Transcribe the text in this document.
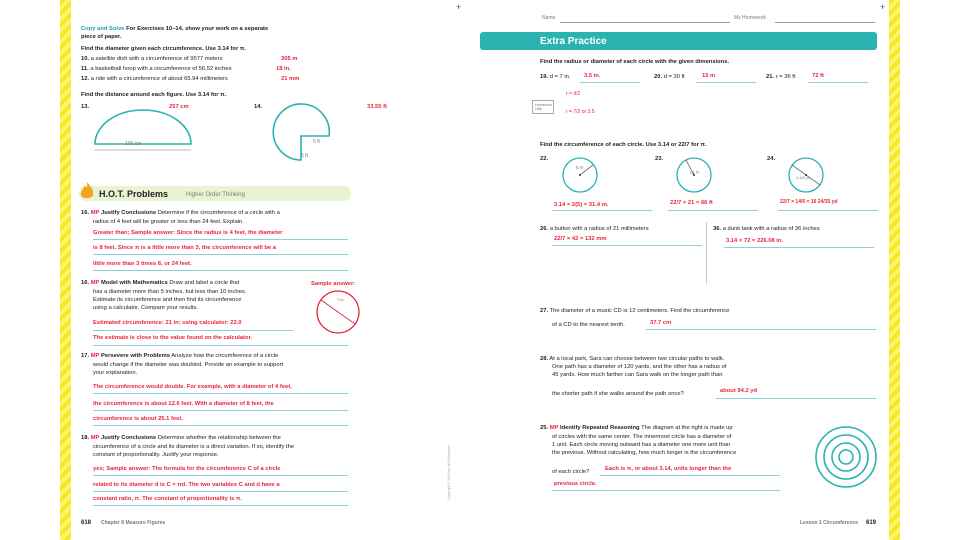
+
Copy and Solve For Exercises 10–14, show your work on a separate
piece of paper.
Find the diameter given each circumference. Use 3.14 for π.
10. a satellite dish with a circumference of 9577 meters	305 m
11. a basketball hoop with a circumference of 56.52 inches	18 in.
12. a ride with a circumference of about 65.94 millimeters	21 mm
Find the distance around each figure. Use 3.14 for π.
13.	257 cm
100 cm
14.	33.55 ft
5 ft
5 ft
H.O.T. Problems	Higher Order Thinking
16. MP Justify Conclusions Determine if the circumference of a circle with a
radius of 4 feet will be greater or less than 24 feet. Explain.
Greater than; Sample answer: Since the radius is 4 feet, the diameter
is 8 feet. Since π is a little more than 3, the circumference will be a
little more than 3 times 8, or 24 feet.
16. MP Model with Mathematics Draw and label a circle that
has a diameter more than 5 inches, but less than 10 inches.
Estimate its circumference and then find its circumference
using a calculator. Compare your results.
Sample answer:
7 in.
Estimated circumference: 21 in; using calculator: 22.0
The estimate is close to the value found on the calculator.
17. MP Persevere with Problems Analyze how the circumference of a circle
would change if the diameter was doubled. Provide an example to support
your explanation.
The circumference would double. For example, with a diameter of 4 feet,
the circumference is about 12.6 feet. With a diameter of 8 feet, the
circumference is about 25.1 feet.
18. MP Justify Conclusions Determine whether the relationship between the
circumference of a circle and its diameter is a direct variation. If so, identify the
constant of proportionality. Justify your response.
yes; Sample answer: The formula for the circumference C of a circle
related to its diameter d is C = πd. The two variables C and d have a
constant ratio, π. The constant of proportionality is π.
618 Chapter 8 Measure Figures
Copyright © McGraw-Hill Education
+
Name	My Homework
Extra Practice
Find the radius or diameter of each circle with the given dimensions.
19. d = 7 in. 3.5 in.	20. d = 30 ft	15 m	21. r = 36 ft	72 ft
Homework Help
r = d/2
r = 7/2 or 3.5
Find the circumference of each circle. Use 3.14 or 22/7 for π.
22.
5 m
3.14 × 2(5) = 31.4 m.
23.
21 ft
22/7 × 21 = 66 ft
24.
4 4/5 yd
22/7 × 14/5 = 16 24/35 yd
26. a button with a radius of 21 millimeters
22/7 × 42 = 132 mm
36. a dunk tank with a radius of 36 inches
3.14 × 72 = 226.08 in.
27. The diameter of a music CD is 12 centimeters. Find the circumference
of a CD to the nearest tenth.	37.7 cm
28. At a local park, Sara can choose between two circular paths to walk.
One path has a diameter of 120 yards, and the other has a radius of
45 yards. How much farther can Sara walk on the longer path than
the shorter path if she walks around the path once?	about 94.2 yd
25. MP Identify Repeated Reasoning The diagram at the right is made up
of circles with the same center. The innermost circle has a diameter of
1 unit. Each circle moving outward has a diameter one more unit than
the previous. Without calculating, how much longer is the circumference
of each circle?	Each is π, or about 3.14, units longer than the
previous circle.
Lesson 1 Circumference 619
